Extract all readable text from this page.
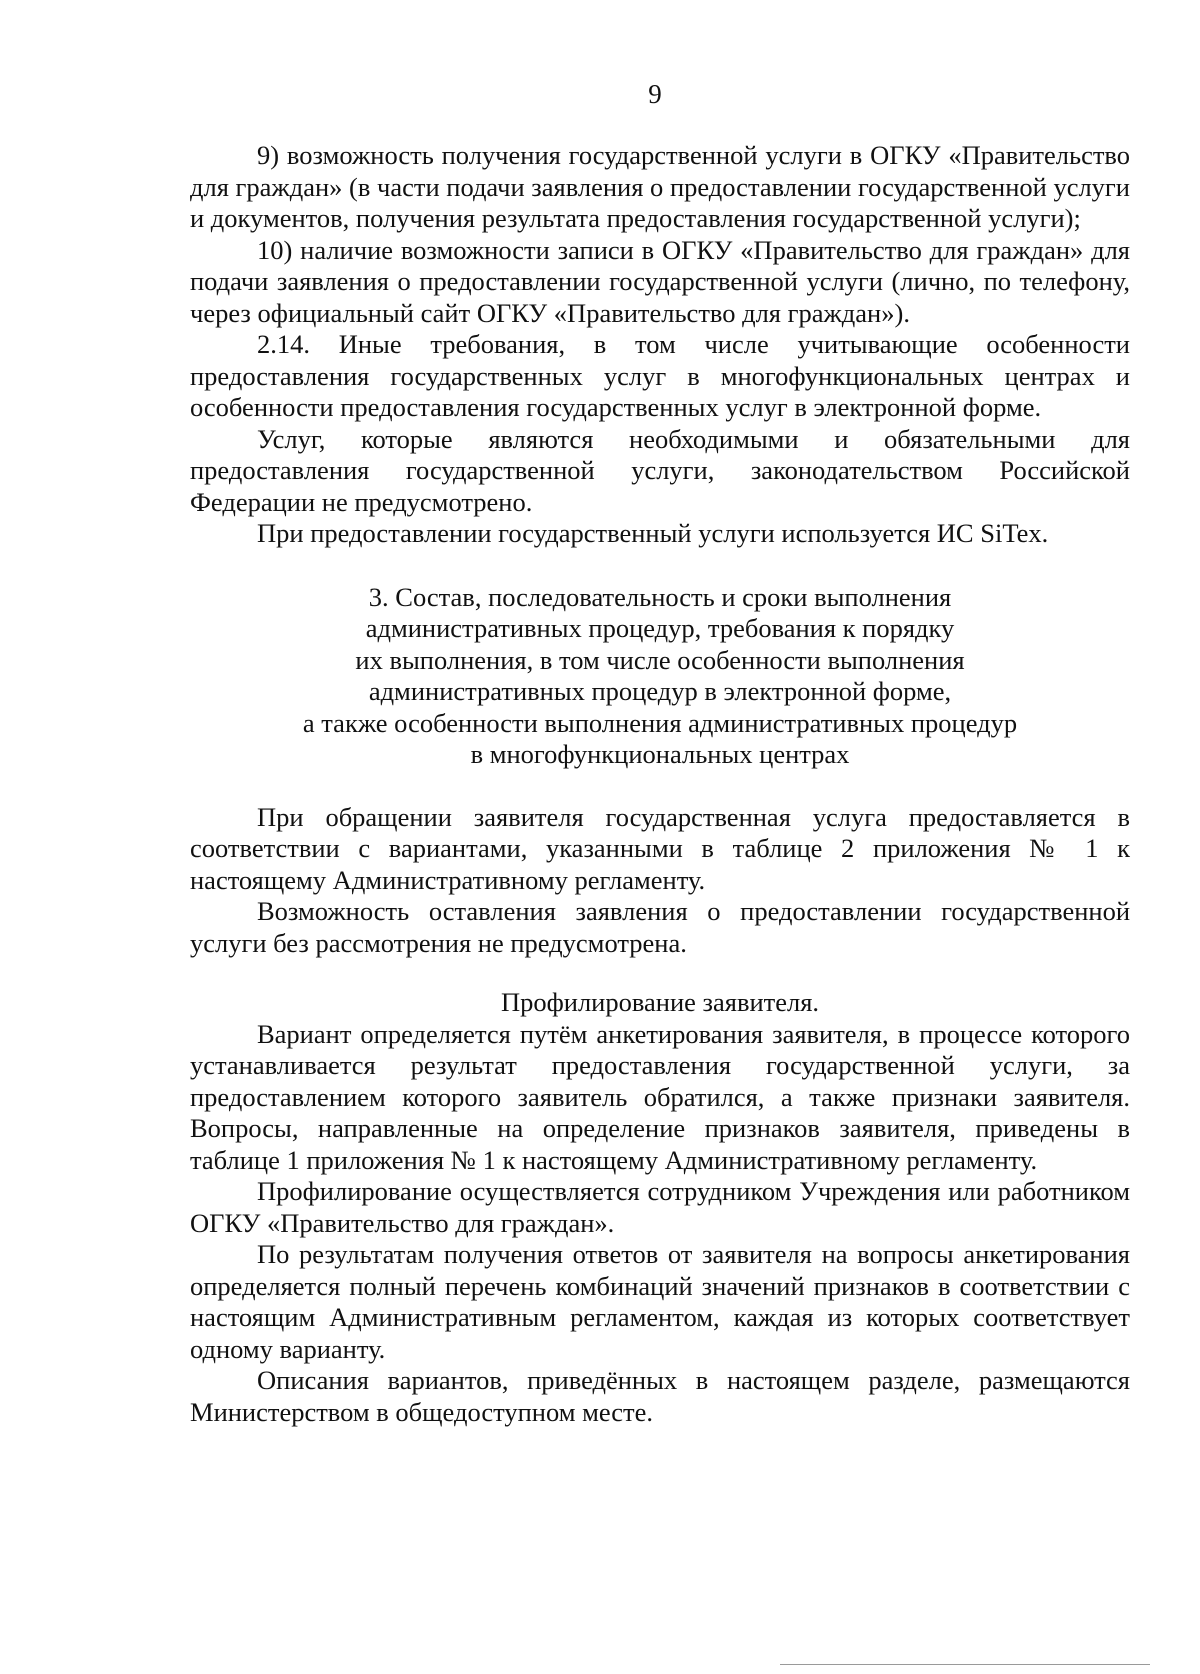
9

9) возможность получения государственной услуги в ОГКУ «Правительство для граждан» (в части подачи заявления о предоставлении государственной услуги и документов, получения результата предоставления государственной услуги);

10) наличие возможности записи в ОГКУ «Правительство для граждан» для подачи заявления о предоставлении государственной услуги (лично, по телефону, через официальный сайт ОГКУ «Правительство для граждан»).

2.14. Иные требования, в том числе учитывающие особенности предоставления государственных услуг в многофункциональных центрах и особенности предоставления государственных услуг в электронной форме.

Услуг, которые являются необходимыми и обязательными для предоставления государственной услуги, законодательством Российской Федерации не предусмотрено.

При предоставлении государственный услуги используется ИС SiTex.

3. Состав, последовательность и сроки выполнения
административных процедур, требования к порядку
их выполнения, в том числе особенности выполнения
административных процедур в электронной форме,
а также особенности выполнения административных процедур
в многофункциональных центрах

При обращении заявителя государственная услуга предоставляется в соответствии с вариантами, указанными в таблице 2 приложения № 1 к настоящему Административному регламенту.

Возможность оставления заявления о предоставлении государственной услуги без рассмотрения не предусмотрена.

Профилирование заявителя.

Вариант определяется путём анкетирования заявителя, в процессе которого устанавливается результат предоставления государственной услуги, за предоставлением которого заявитель обратился, а также признаки заявителя. Вопросы, направленные на определение признаков заявителя, приведены в таблице 1 приложения № 1 к настоящему Административному регламенту.

Профилирование осуществляется сотрудником Учреждения или работником ОГКУ «Правительство для граждан».

По результатам получения ответов от заявителя на вопросы анкетирования определяется полный перечень комбинаций значений признаков в соответствии с настоящим Административным регламентом, каждая из которых соответствует одному варианту.

Описания вариантов, приведённых в настоящем разделе, размещаются Министерством в общедоступном месте.
